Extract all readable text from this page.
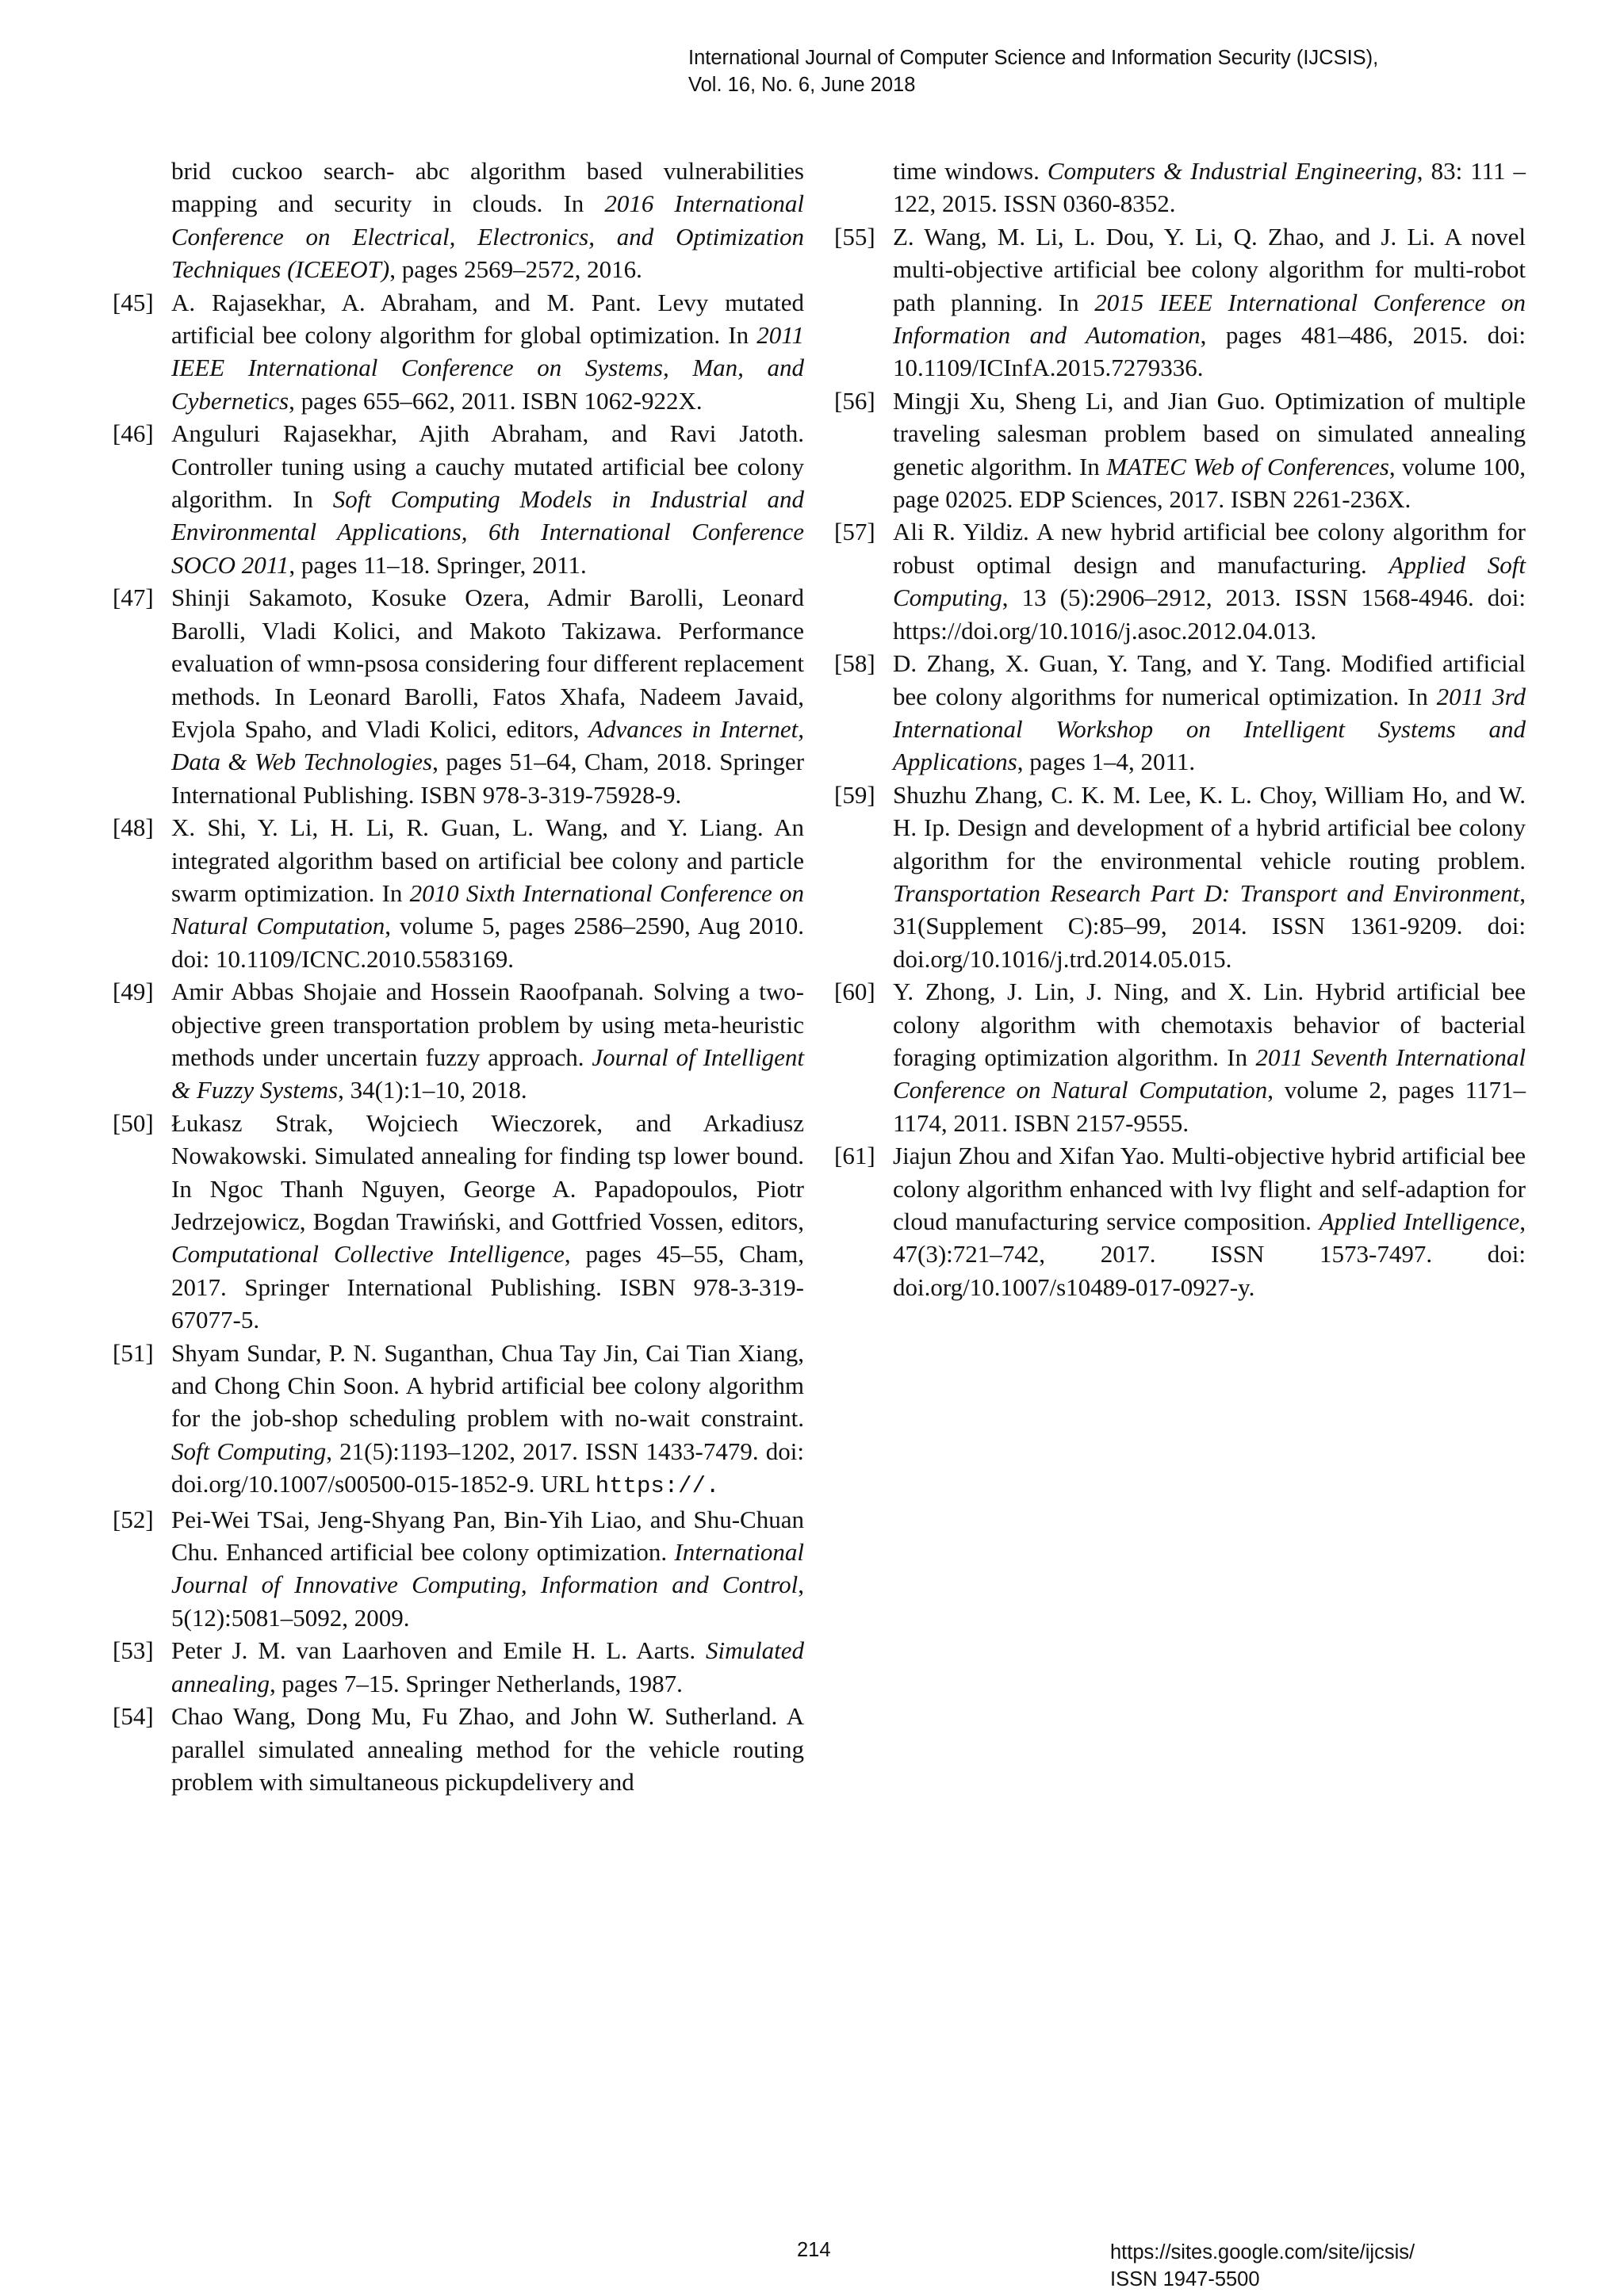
International Journal of Computer Science and Information Security (IJCSIS),
Vol. 16, No. 6, June 2018
brid cuckoo search- abc algorithm based vulnerabilities mapping and security in clouds. In 2016 International Conference on Electrical, Electronics, and Optimization Techniques (ICEEOT), pages 2569–2572, 2016.
[45] A. Rajasekhar, A. Abraham, and M. Pant. Levy mutated artificial bee colony algorithm for global optimization. In 2011 IEEE International Conference on Systems, Man, and Cybernetics, pages 655–662, 2011. ISBN 1062-922X.
[46] Anguluri Rajasekhar, Ajith Abraham, and Ravi Jatoth. Controller tuning using a cauchy mutated artificial bee colony algorithm. In Soft Computing Models in Industrial and Environmental Applications, 6th International Conference SOCO 2011, pages 11–18. Springer, 2011.
[47] Shinji Sakamoto, Kosuke Ozera, Admir Barolli, Leonard Barolli, Vladi Kolici, and Makoto Takizawa. Performance evaluation of wmn-psosa considering four different replacement methods. In Leonard Barolli, Fatos Xhafa, Nadeem Javaid, Evjola Spaho, and Vladi Kolici, editors, Advances in Internet, Data & Web Technologies, pages 51–64, Cham, 2018. Springer International Publishing. ISBN 978-3-319-75928-9.
[48] X. Shi, Y. Li, H. Li, R. Guan, L. Wang, and Y. Liang. An integrated algorithm based on artificial bee colony and particle swarm optimization. In 2010 Sixth International Conference on Natural Computation, volume 5, pages 2586–2590, Aug 2010. doi: 10.1109/ICNC.2010.5583169.
[49] Amir Abbas Shojaie and Hossein Raoofpanah. Solving a two-objective green transportation problem by using meta-heuristic methods under uncertain fuzzy approach. Journal of Intelligent & Fuzzy Systems, 34(1):1–10, 2018.
[50] Łukasz Strak, Wojciech Wieczorek, and Arkadiusz Nowakowski. Simulated annealing for finding tsp lower bound. In Ngoc Thanh Nguyen, George A. Papadopoulos, Piotr Jedrzejowicz, Bogdan Trawiński, and Gottfried Vossen, editors, Computational Collective Intelligence, pages 45–55, Cham, 2017. Springer International Publishing. ISBN 978-3-319-67077-5.
[51] Shyam Sundar, P. N. Suganthan, Chua Tay Jin, Cai Tian Xiang, and Chong Chin Soon. A hybrid artificial bee colony algorithm for the job-shop scheduling problem with no-wait constraint. Soft Computing, 21(5):1193–1202, 2017. ISSN 1433-7479. doi: doi.org/10.1007/s00500-015-1852-9. URL https://.
[52] Pei-Wei TSai, Jeng-Shyang Pan, Bin-Yih Liao, and Shu-Chuan Chu. Enhanced artificial bee colony optimization. International Journal of Innovative Computing, Information and Control, 5(12):5081–5092, 2009.
[53] Peter J. M. van Laarhoven and Emile H. L. Aarts. Simulated annealing, pages 7–15. Springer Netherlands, 1987.
[54] Chao Wang, Dong Mu, Fu Zhao, and John W. Sutherland. A parallel simulated annealing method for the vehicle routing problem with simultaneous pickupdelivery and
time windows. Computers & Industrial Engineering, 83: 111 – 122, 2015. ISSN 0360-8352.
[55] Z. Wang, M. Li, L. Dou, Y. Li, Q. Zhao, and J. Li. A novel multi-objective artificial bee colony algorithm for multi-robot path planning. In 2015 IEEE International Conference on Information and Automation, pages 481–486, 2015. doi: 10.1109/ICInfA.2015.7279336.
[56] Mingji Xu, Sheng Li, and Jian Guo. Optimization of multiple traveling salesman problem based on simulated annealing genetic algorithm. In MATEC Web of Conferences, volume 100, page 02025. EDP Sciences, 2017. ISBN 2261-236X.
[57] Ali R. Yildiz. A new hybrid artificial bee colony algorithm for robust optimal design and manufacturing. Applied Soft Computing, 13 (5):2906–2912, 2013. ISSN 1568-4946. doi: https://doi.org/10.1016/j.asoc.2012.04.013.
[58] D. Zhang, X. Guan, Y. Tang, and Y. Tang. Modified artificial bee colony algorithms for numerical optimization. In 2011 3rd International Workshop on Intelligent Systems and Applications, pages 1–4, 2011.
[59] Shuzhu Zhang, C. K. M. Lee, K. L. Choy, William Ho, and W. H. Ip. Design and development of a hybrid artificial bee colony algorithm for the environmental vehicle routing problem. Transportation Research Part D: Transport and Environment, 31(Supplement C):85–99, 2014. ISSN 1361-9209. doi: doi.org/10.1016/j.trd.2014.05.015.
[60] Y. Zhong, J. Lin, J. Ning, and X. Lin. Hybrid artificial bee colony algorithm with chemotaxis behavior of bacterial foraging optimization algorithm. In 2011 Seventh International Conference on Natural Computation, volume 2, pages 1171–1174, 2011. ISBN 2157-9555.
[61] Jiajun Zhou and Xifan Yao. Multi-objective hybrid artificial bee colony algorithm enhanced with lvy flight and self-adaption for cloud manufacturing service composition. Applied Intelligence, 47(3):721–742, 2017. ISSN 1573-7497. doi: doi.org/10.1007/s10489-017-0927-y.
214	https://sites.google.com/site/ijcsis/
ISSN 1947-5500
